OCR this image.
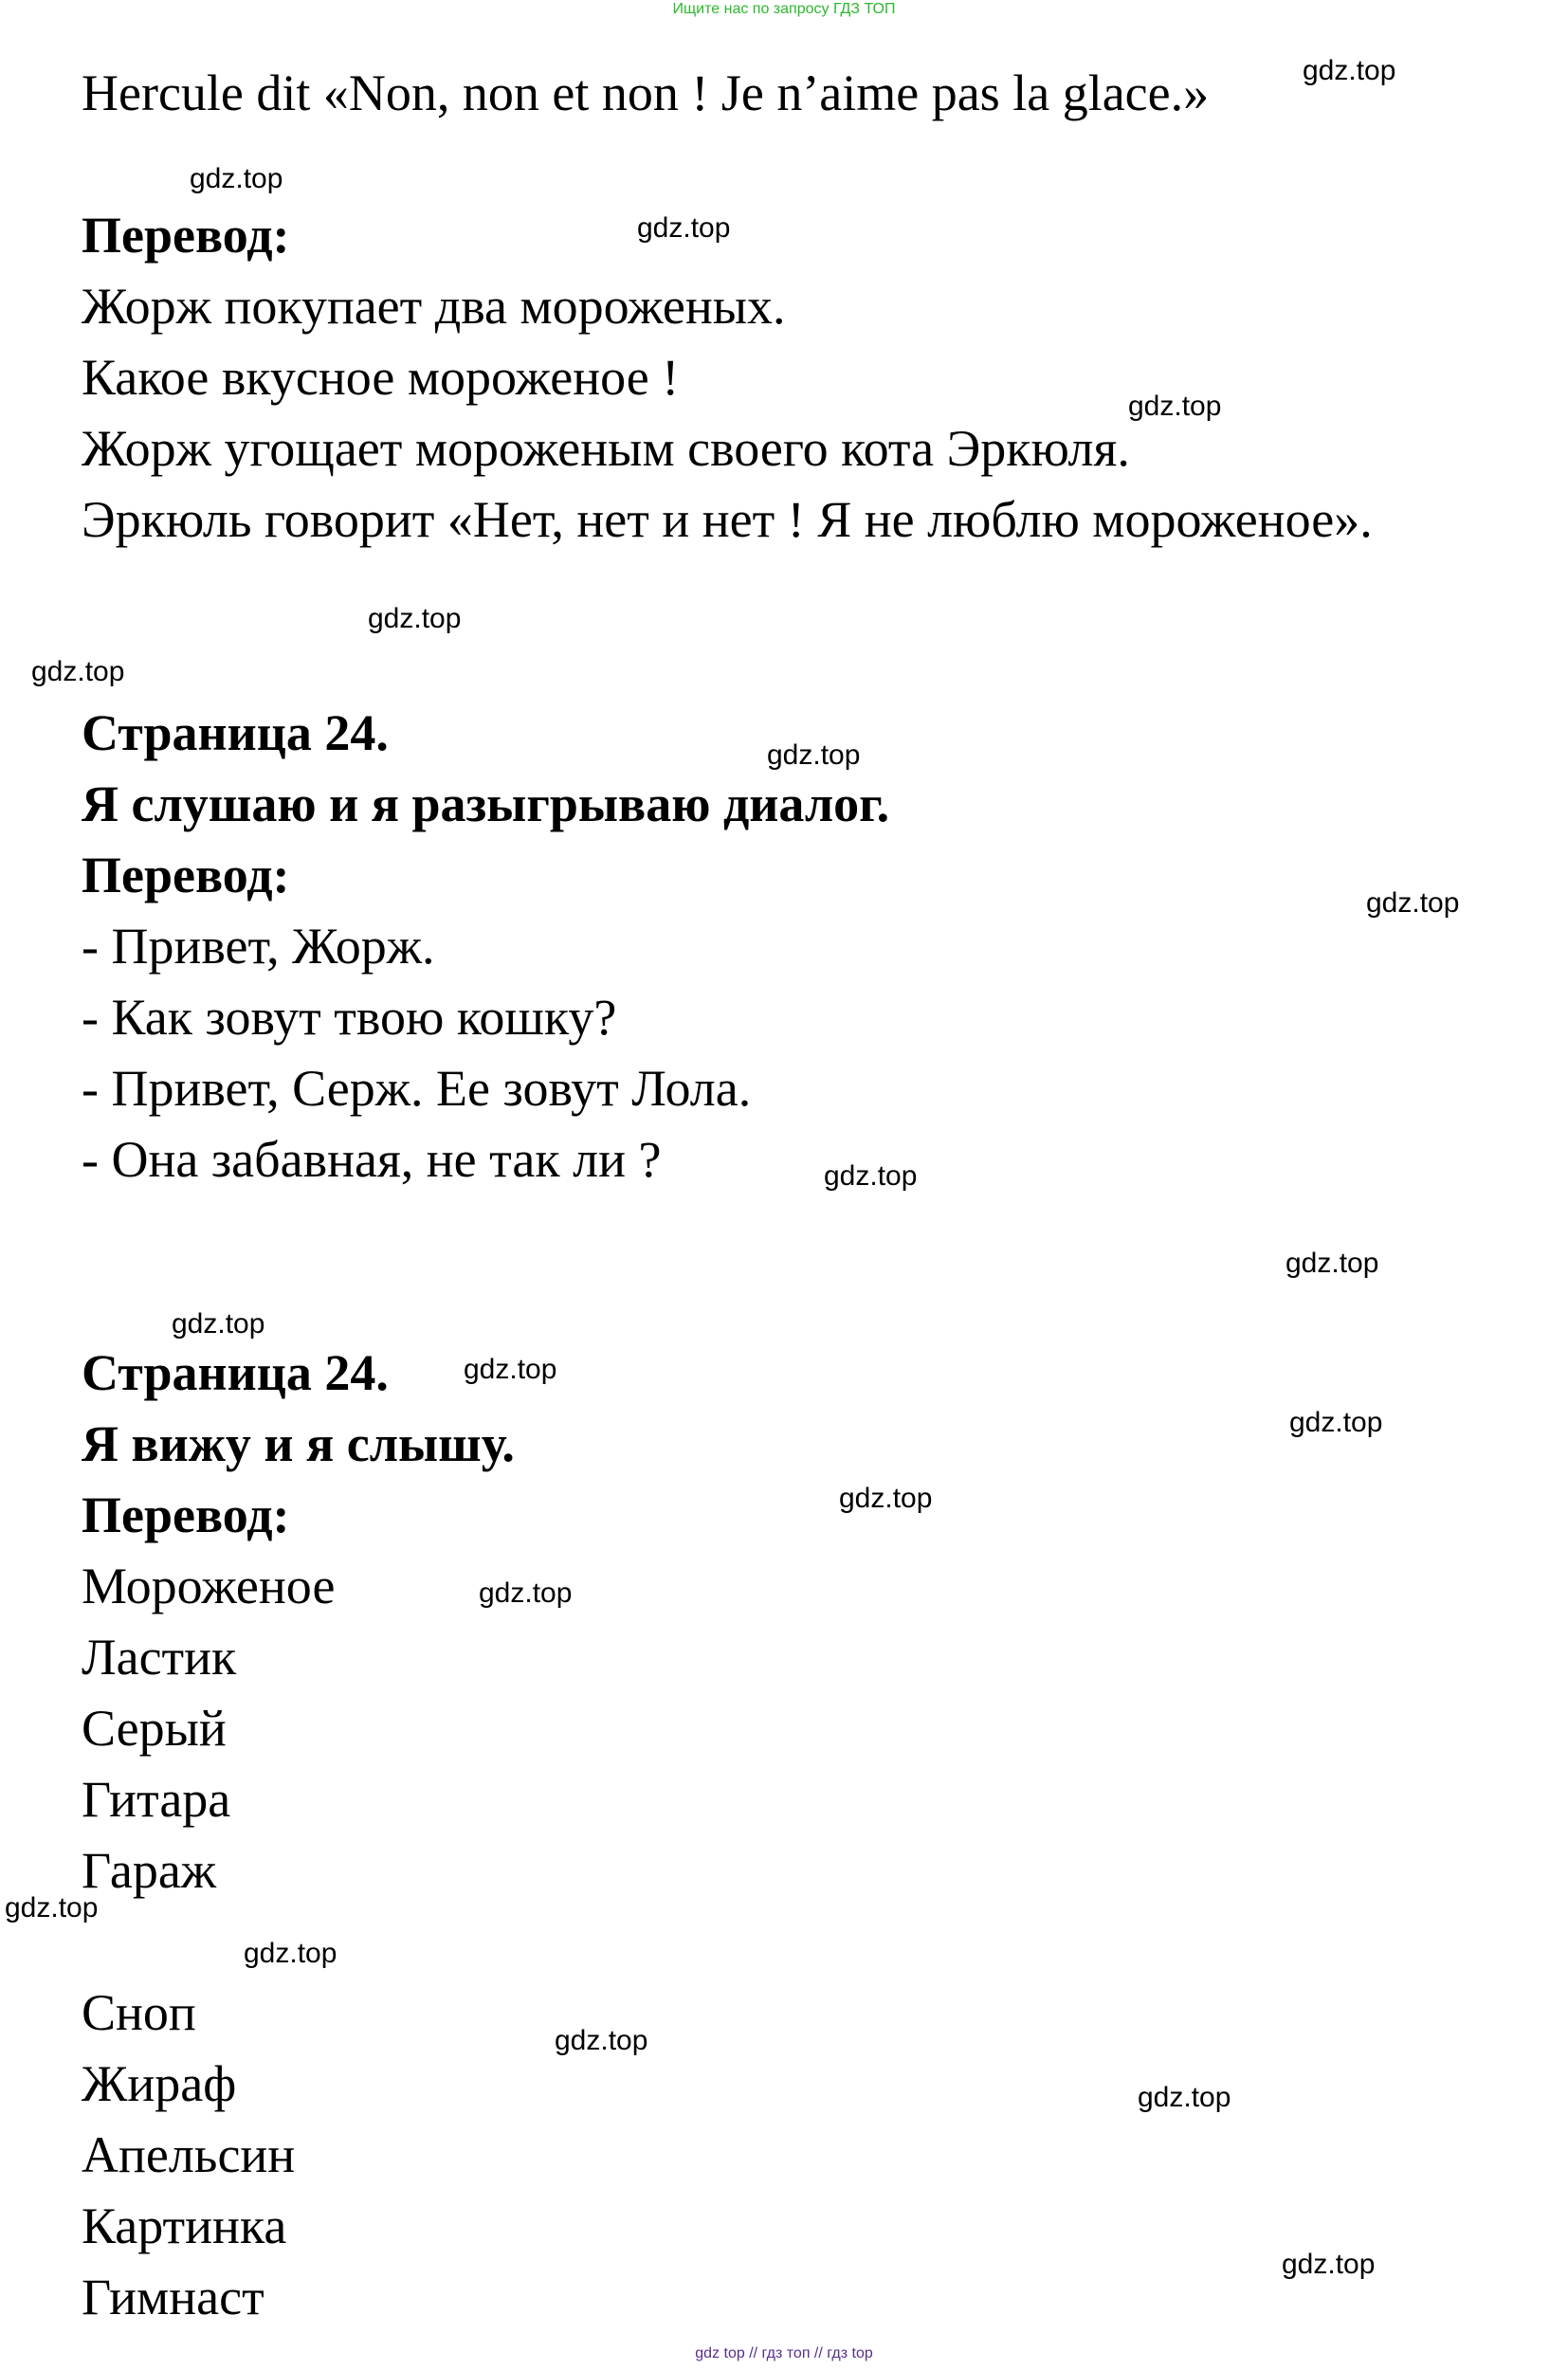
Ищите нас по запросу ГДЗ ТОП
Hercule dit «Non, non et non ! Je n’aime pas la glace.»
Перевод:
Жорж покупает два мороженых.
Какое вкусное мороженое !
Жорж угощает мороженым своего кота Эркюля.
Эркюль говорит «Нет, нет и нет ! Я не люблю мороженое».
Страница 24.
Я слушаю и я разыгрываю диалог.
Перевод:
- Привет, Жорж.
- Как зовут твою кошку?
- Привет, Серж. Ее зовут Лола.
- Она забавная, не так ли ?
Страница 24.
Я вижу и я слышу.
Перевод:
Мороженое
Ластик
Серый
Гитара
Гараж
Сноп
Жираф
Апельсин
Картинка
Гимнаст
gdz.top
gdz.top
gdz.top
gdz.top
gdz.top
gdz.top
gdz.top
gdz.top
gdz.top
gdz.top
gdz.top
gdz.top
gdz.top
gdz.top
gdz.top
gdz.top
gdz.top
gdz.top
gdz.top
gdz.top
gdz top // гдз топ // гдз top
